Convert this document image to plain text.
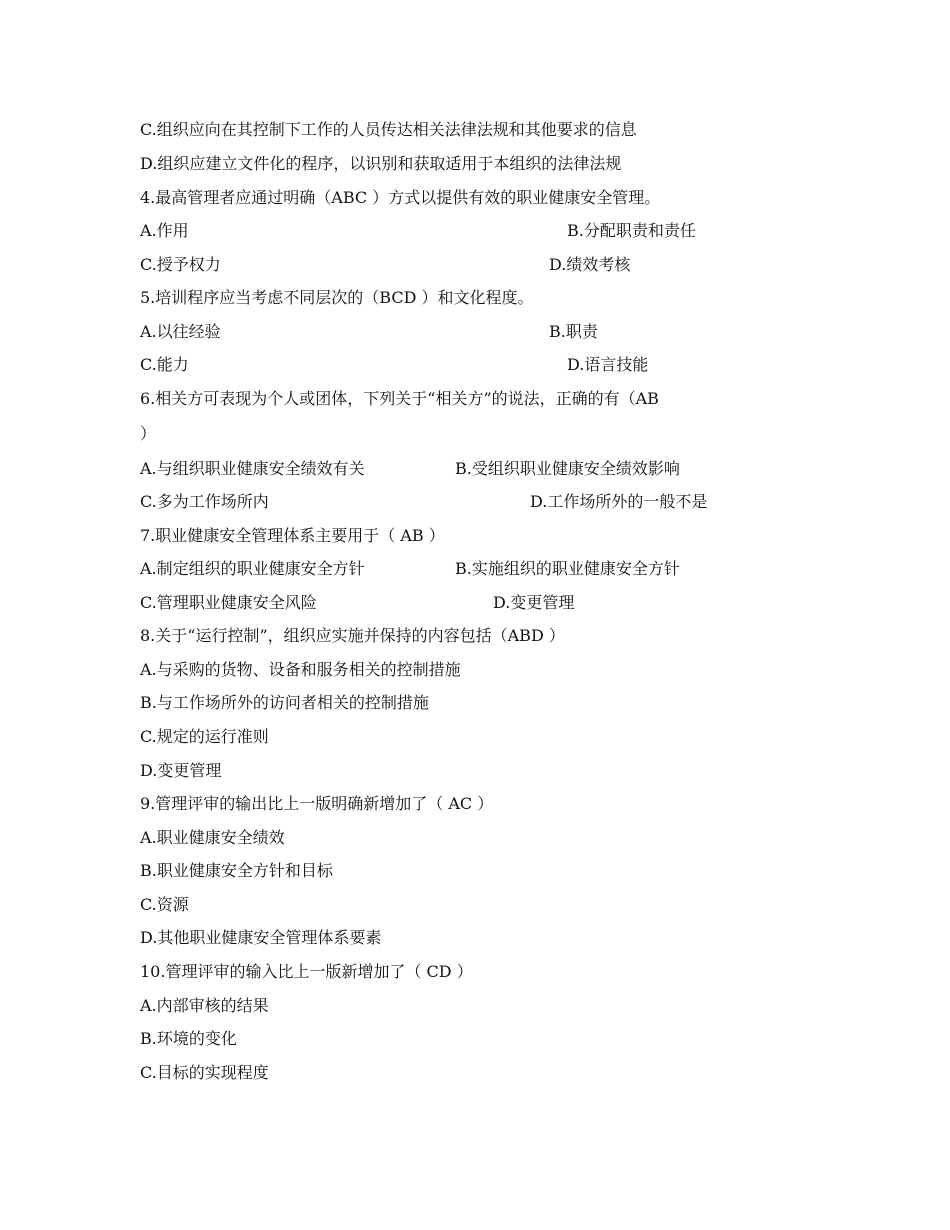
C.组织应向在其控制下工作的人员传达相关法律法规和其他要求的信息
D.组织应建立文件化的程序，以识别和获取适用于本组织的法律法规
4.最高管理者应通过明确（ABC ）方式以提供有效的职业健康安全管理。
A.作用	B.分配职责和责任
C.授予权力	D.绩效考核
5.培训程序应当考虑不同层次的（BCD ）和文化程度。
A.以往经验	B.职责
C.能力	D.语言技能
6.相关方可表现为个人或团体，下列关于“相关方”的说法，正确的有（AB
）
A.与组织职业健康安全绩效有关	B.受组织职业健康安全绩效影响
C.多为工作场所内	D.工作场所外的一般不是
7.职业健康安全管理体系主要用于（ AB ）
A.制定组织的职业健康安全方针	B.实施组织的职业健康安全方针
C.管理职业健康安全风险	D.变更管理
8.关于“运行控制”，组织应实施并保持的内容包括（ABD ）
A.与采购的货物、设备和服务相关的控制措施
B.与工作场所外的访问者相关的控制措施
C.规定的运行准则
D.变更管理
9.管理评审的输出比上一版明确新增加了（ AC ）
A.职业健康安全绩效
B.职业健康安全方针和目标
C.资源
D.其他职业健康安全管理体系要素
10.管理评审的输入比上一版新增加了（ CD ）
A.内部审核的结果
B.环境的变化
C.目标的实现程度
